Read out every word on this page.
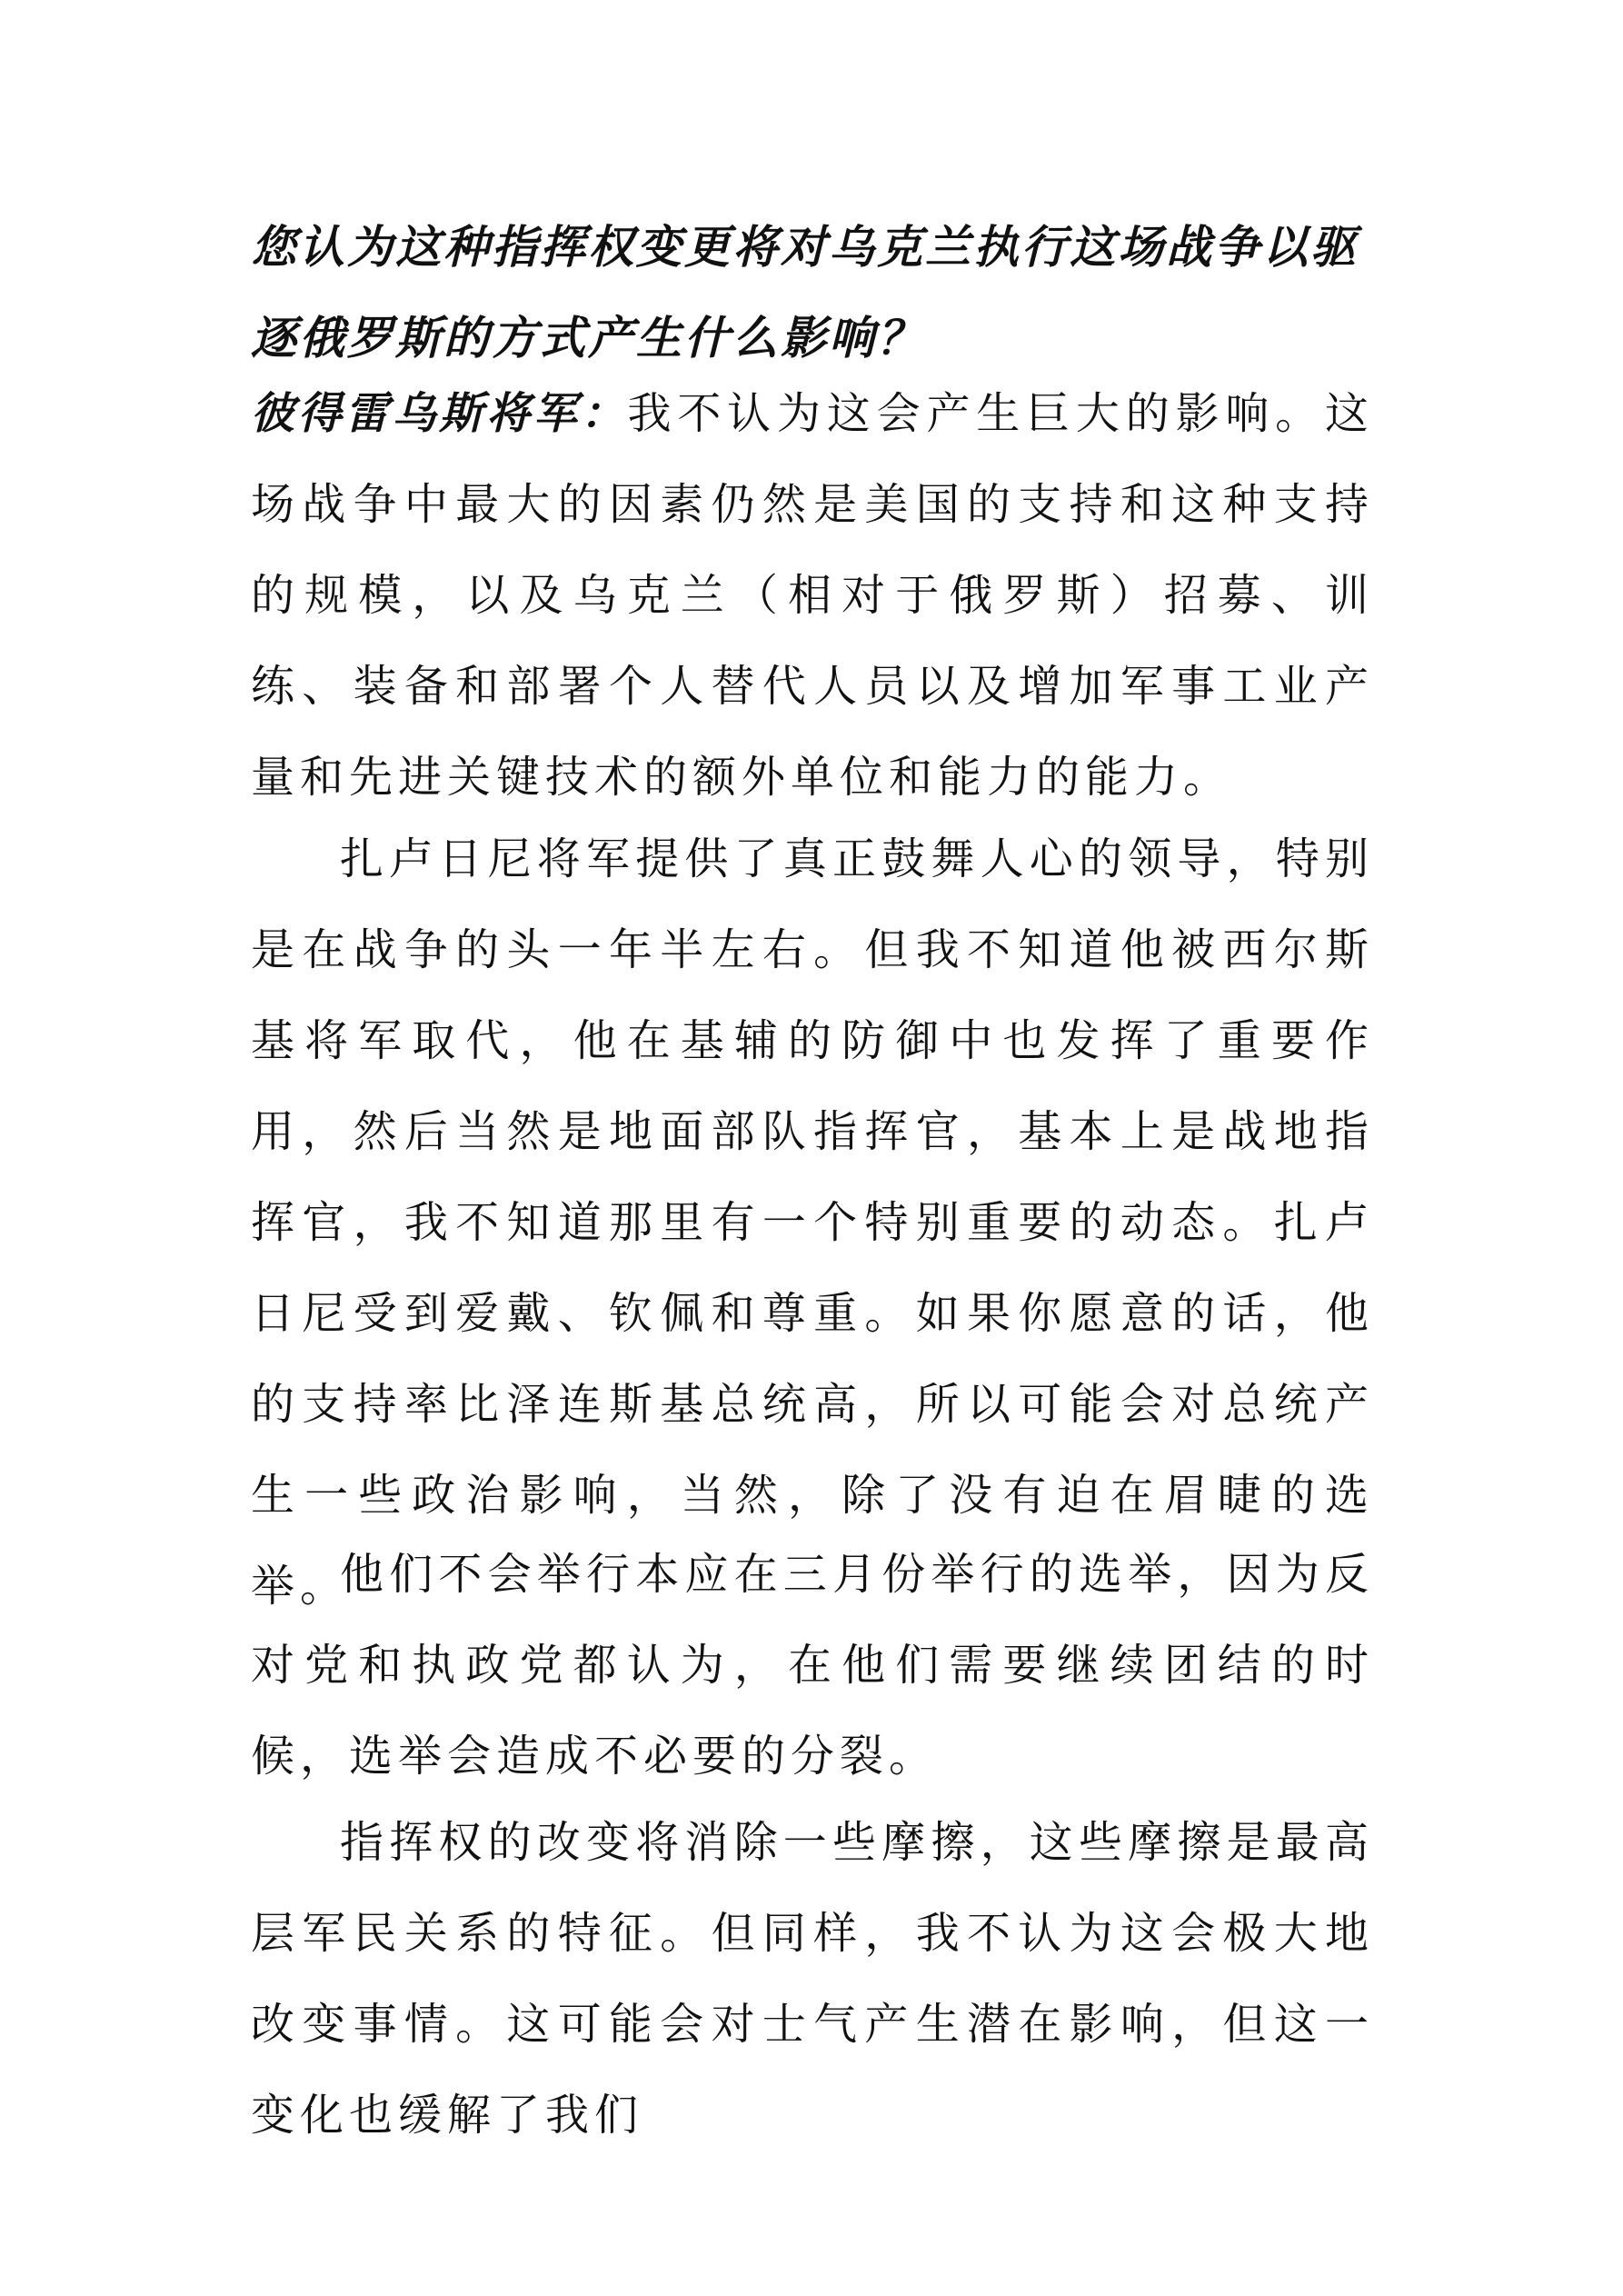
您认为这种指挥权变更将对乌克兰执行这场战争以驱逐俄罗斯的方式产生什么影响？

彼得雷乌斯将军：我不认为这会产生巨大的影响。这场战争中最大的因素仍然是美国的支持和这种支持的规模，以及乌克兰（相对于俄罗斯）招募、训练、装备和部署个人替代人员以及增加军事工业产量和先进关键技术的额外单位和能力的能力。

扎卢日尼将军提供了真正鼓舞人心的领导，特别是在战争的头一年半左右。但我不知道他被西尔斯基将军取代，他在基辅的防御中也发挥了重要作用，然后当然是地面部队指挥官，基本上是战地指挥官，我不知道那里有一个特别重要的动态。扎卢日尼受到爱戴、钦佩和尊重。如果你愿意的话，他的支持率比泽连斯基总统高，所以可能会对总统产生一些政治影响，当然，除了没有迫在眉睫的选举。

他们不会举行本应在三月份举行的选举，因为反对党和执政党都认为，在他们需要继续团结的时候，选举会造成不必要的分裂。

指挥权的改变将消除一些摩擦，这些摩擦是最高层军民关系的特征。但同样，我不认为这会极大地改变事情。这可能会对士气产生潜在影响，但这一变化也缓解了我们
